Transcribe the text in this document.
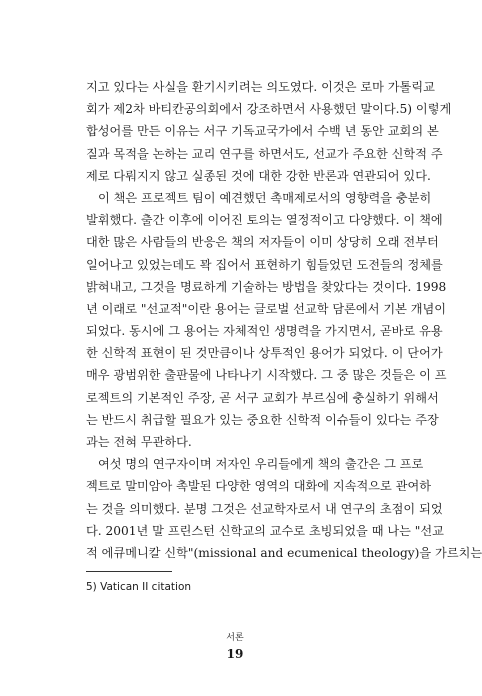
지고 있다는 사실을 환기시키려는 의도였다. 이것은 로마 가톨릭교
회가 제2차 바티칸공의회에서 강조하면서 사용했던 말이다.5) 이렇게
합성어를 만든 이유는 서구 기독교국가에서 수백 년 동안 교회의 본
질과 목적을 논하는 교리 연구를 하면서도, 선교가 주요한 신학적 주
제로 다뤄지지 않고 실종된 것에 대한 강한 반론과 연관되어 있다.
이 책은 프로젝트 팀이 예견했던 촉매제로서의 영향력을 충분히
발휘했다. 출간 이후에 이어진 토의는 열정적이고 다양했다. 이 책에
대한 많은 사람들의 반응은 책의 저자들이 이미 상당히 오래 전부터
일어나고 있었는데도 꽉 집어서 표현하기 힘들었던 도전들의 정체를
밝혀내고, 그것을 명료하게 기술하는 방법을 찾았다는 것이다. 1998
년 이래로 "선교적"이란 용어는 글로벌 선교학 담론에서 기본 개념이
되었다. 동시에 그 용어는 자체적인 생명력을 가지면서, 곧바로 유용
한 신학적 표현이 된 것만큼이나 상투적인 용어가 되었다. 이 단어가
매우 광범위한 출판물에 나타나기 시작했다. 그 중 많은 것들은 이 프
로젝트의 기본적인 주장, 곧 서구 교회가 부르심에 충실하기 위해서
는 반드시 취급할 필요가 있는 중요한 신학적 이슈들이 있다는 주장
과는 전혀 무관하다.
여섯 명의 연구자이며 저자인 우리들에게 책의 출간은 그 프로
젝트로 말미암아 촉발된 다양한 영역의 대화에 지속적으로 관여하
는 것을 의미했다. 분명 그것은 선교학자로서 내 연구의 초점이 되었
다. 2001년 말 프린스턴 신학교의 교수로 초빙되었을 때 나는 "선교
적 에큐메니칼 신학"(missional and ecumenical theology)을 가르치는
5) Vatican II citation
서론
19
